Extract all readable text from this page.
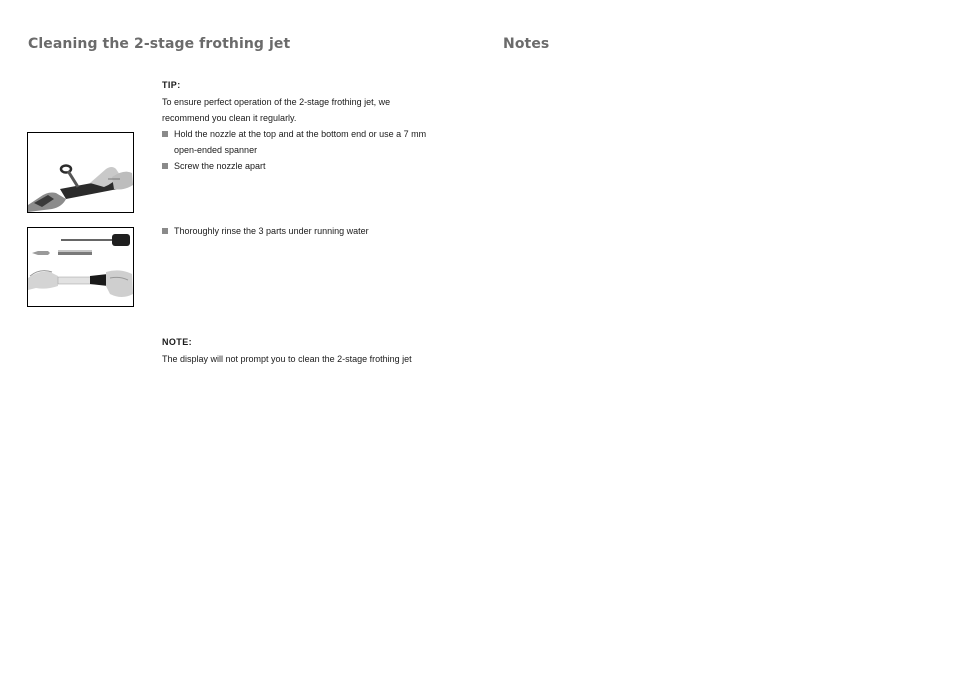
Cleaning the 2-stage frothing jet	Notes

TIP:

To ensure perfect operation of the 2-stage frothing jet, we
recommend you clean it regularly.

Hold the nozzle at the top and at the bottom end or use a 7 mm
open-ended spanner
Screw the nozzle apart
Thoroughly rinse the 3 parts under running water

NOTE:

The display will not prompt you to clean the 2-stage frothing jet
